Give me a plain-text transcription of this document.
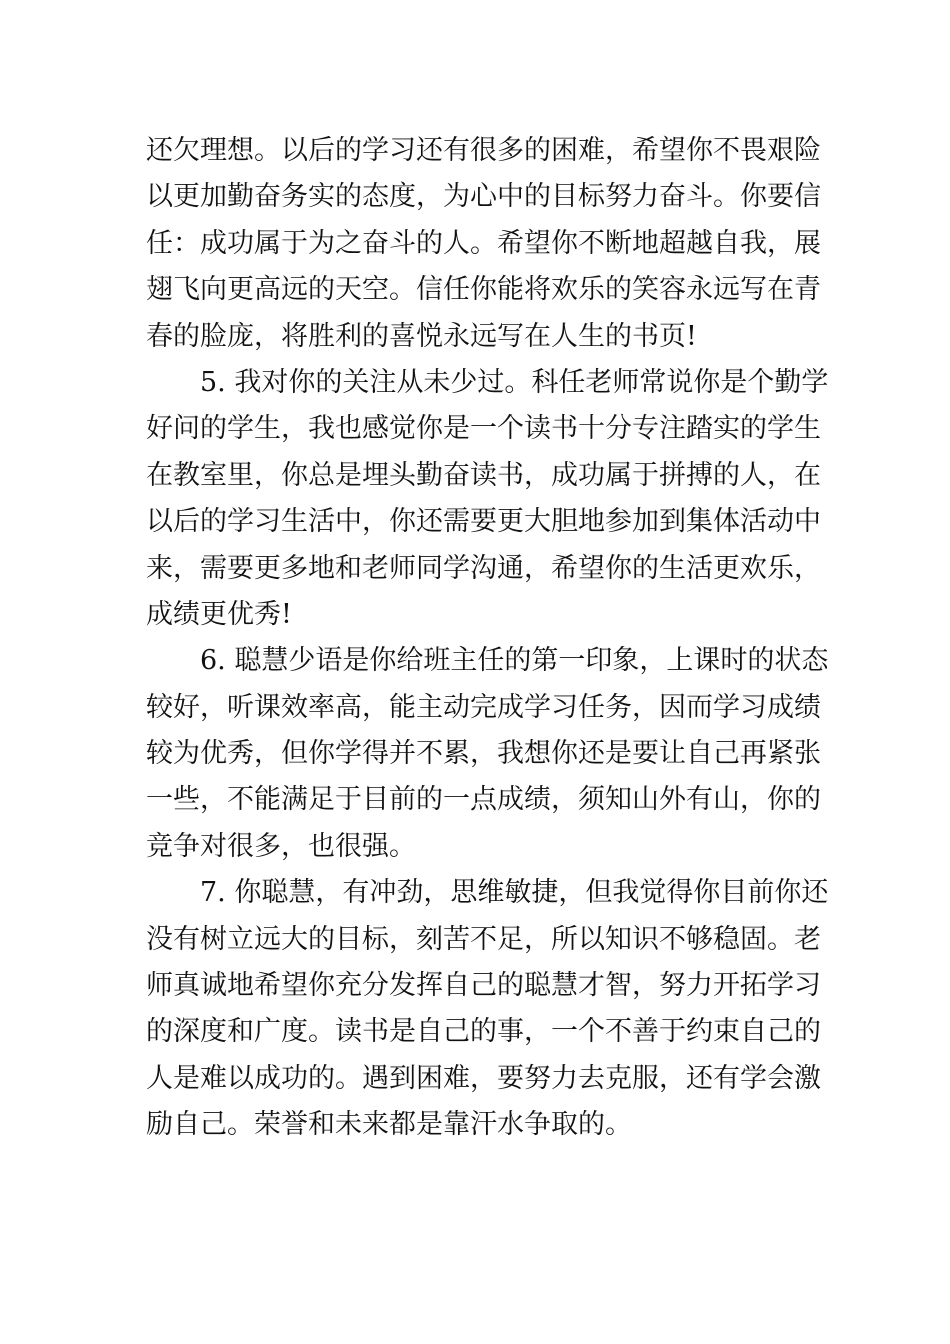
还欠理想。以后的学习还有很多的困难，希望你不畏艰险
以更加勤奋务实的态度，为心中的目标努力奋斗。你要信
任：成功属于为之奋斗的人。希望你不断地超越自我，展
翅飞向更高远的天空。信任你能将欢乐的笑容永远写在青
春的脸庞，将胜利的喜悦永远写在人生的书页!
5. 我对你的关注从未少过。科任老师常说你是个勤学
好问的学生，我也感觉你是一个读书十分专注踏实的学生
在教室里，你总是埋头勤奋读书，成功属于拼搏的人，在
以后的学习生活中，你还需要更大胆地参加到集体活动中
来，需要更多地和老师同学沟通，希望你的生活更欢乐，
成绩更优秀!
6. 聪慧少语是你给班主任的第一印象，上课时的状态
较好，听课效率高，能主动完成学习任务，因而学习成绩
较为优秀，但你学得并不累，我想你还是要让自己再紧张
一些，不能满足于目前的一点成绩，须知山外有山，你的
竞争对很多，也很强。
7. 你聪慧，有冲劲，思维敏捷，但我觉得你目前你还
没有树立远大的目标，刻苦不足，所以知识不够稳固。老
师真诚地希望你充分发挥自己的聪慧才智，努力开拓学习
的深度和广度。读书是自己的事，一个不善于约束自己的
人是难以成功的。遇到困难，要努力去克服，还有学会激
励自己。荣誉和未来都是靠汗水争取的。
